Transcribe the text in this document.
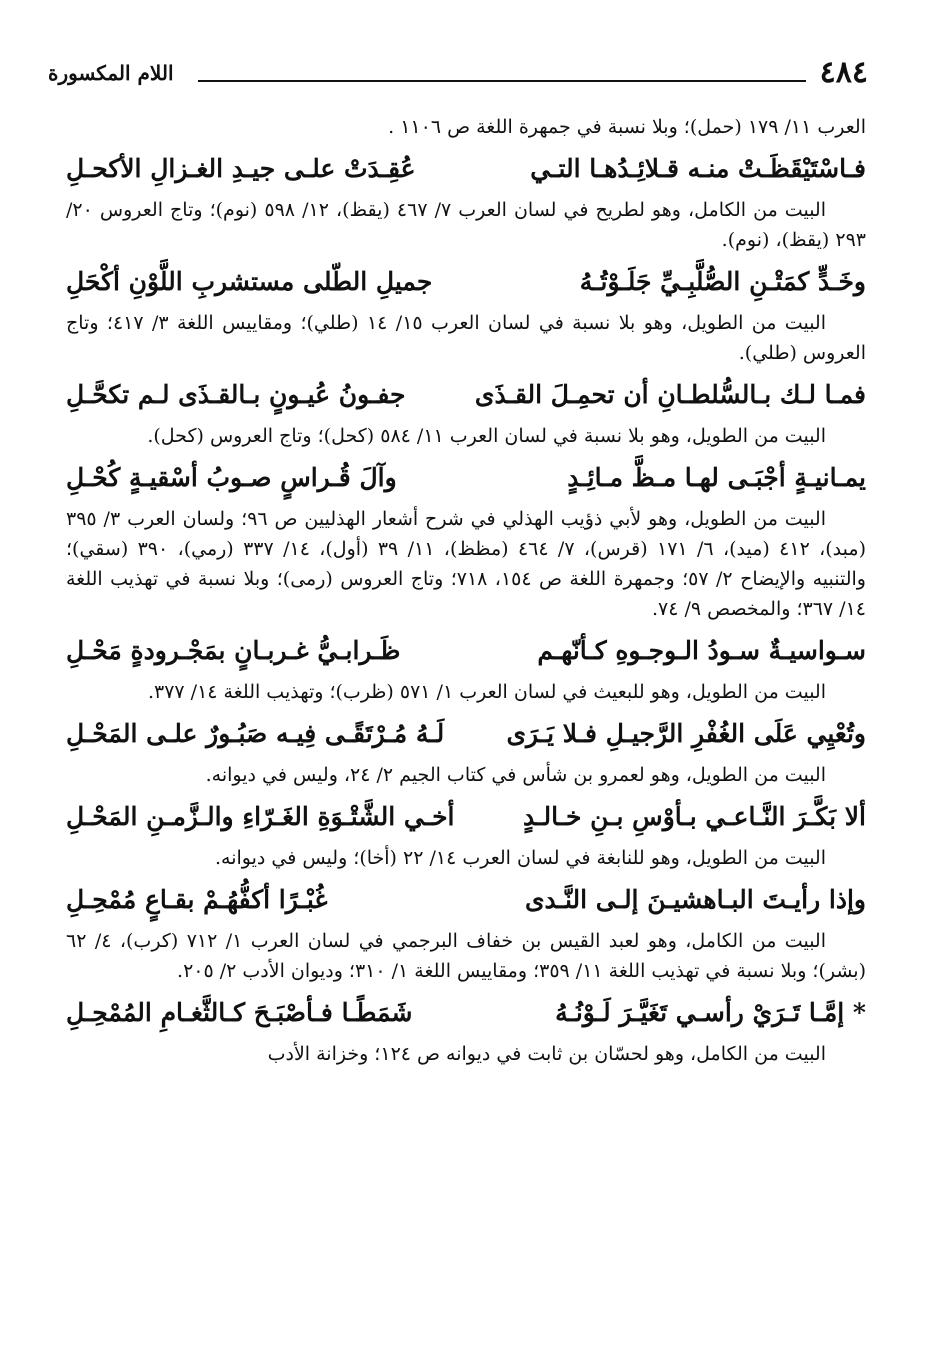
٤٨٤
اللام المكسورة

العرب ١١/ ١٧٩ (حمل)؛ وبلا نسبة في جمهرة اللغة ص ١١٠٦ .

فـاسْتَيْقَظَـتْ منـه قـلائِـدُهـا التـي
عُقِـدَتْ علـى جيـدِ الغـزالِ الأكحـلِ

البيت من الكامل، وهو لطريح في لسان العرب ٧/ ٤٦٧ (يقظ)، ١٢/ ٥٩٨ (نوم)؛ وتاج العروس ٢٠/ ٢٩٣ (يقظ)، (نوم).

وخَـدٍّ كمَتْـنِ الصُّلَّبِـيِّ جَلَـوْتُـهُ
جميلِ الطّلى مستشربِ اللَّوْنِ أكْحَلِ

البيت من الطويل، وهو بلا نسبة في لسان العرب ١٥/ ١٤ (طلي)؛ ومقاييس اللغة ٣/ ٤١٧؛ وتاج العروس (طلي).

فمـا لـك بـالسُّلطـانِ أن تحمِـلَ القـذَى
جفـونُ عُيـونٍ بـالقـذَى لـم تكحَّـلِ

البيت من الطويل، وهو بلا نسبة في لسان العرب ١١/ ٥٨٤ (كحل)؛ وتاج العروس (كحل).

يمـانيـةٍ أجْبَـى لهـا مـظَّ مـائِـدٍ
وآلَ قُـراسٍ صـوبُ أسْقيـةٍ كُحْـلِ

البيت من الطويل، وهو لأبي ذؤيب الهذلي في شرح أشعار الهذليين ص ٩٦؛ ولسان العرب ٣/ ٣٩٥ (مبد)، ٤١٢ (ميد)، ٦/ ١٧١ (قرس)، ٧/ ٤٦٤ (مظظ)، ١١/ ٣٩ (أول)، ١٤/ ٣٣٧ (رمي)، ٣٩٠ (سقي)؛ والتنبيه والإيضاح ٢/ ٥٧؛ وجمهرة اللغة ص ١٥٤، ٧١٨؛ وتاج العروس (رمى)؛ وبلا نسبة في تهذيب اللغة ١٤/ ٣٦٧؛ والمخصص ٩/ ٧٤.

سـواسيـةٌ سـودُ الـوجـوهِ كـأنّهـم
ظَـرابـيُّ غـربـانٍ بمَجْـرودةٍ مَحْـلِ

البيت من الطويل، وهو للبعيث في لسان العرب ١/ ٥٧١ (ظرب)؛ وتهذيب اللغة ١٤/ ٣٧٧.

وتُعْيِي عَلَى الغُفْرِ الرَّجيـلِ فـلا يَـرَى
لَـهُ مُـرْتَقًـى فِيـه صَبُـورٌ علـى المَحْـلِ

البيت من الطويل، وهو لعمرو بن شأس في كتاب الجيم ٢/ ٢٤، وليس في ديوانه.

ألا بَكَّـرَ النَّـاعـي بـأوْسِ بـنِ خـالـدٍ
أخـي الشَّتْـوَةِ الغَـرّاءِ والـزَّمـنِ المَحْـلِ

البيت من الطويل، وهو للنابغة في لسان العرب ١٤/ ٢٢ (أخا)؛ وليس في ديوانه.

وإذا رأيـتَ البـاهشيـنَ إلـى النَّـدى
غُبْـرًا أكفُّهُـمْ بقـاعٍ مُمْحِـلِ

البيت من الكامل، وهو لعبد القيس بن خفاف البرجمي في لسان العرب ١/ ٧١٢ (كرب)، ٤/ ٦٢ (بشر)؛ وبلا نسبة في تهذيب اللغة ١١/ ٣٥٩؛ ومقاييس اللغة ١/ ٣١٠؛ وديوان الأدب ٢/ ٢٠٥.

* إمَّـا تَـرَيْ رأسـي تَغَيَّـرَ لَـوْنُـهُ
شَمَطًـا فـأصْبَـحَ كـالثَّغـامِ المُمْحِـلِ

البيت من الكامل، وهو لحسّان بن ثابت في ديوانه ص ١٢٤؛ وخزانة الأدب
